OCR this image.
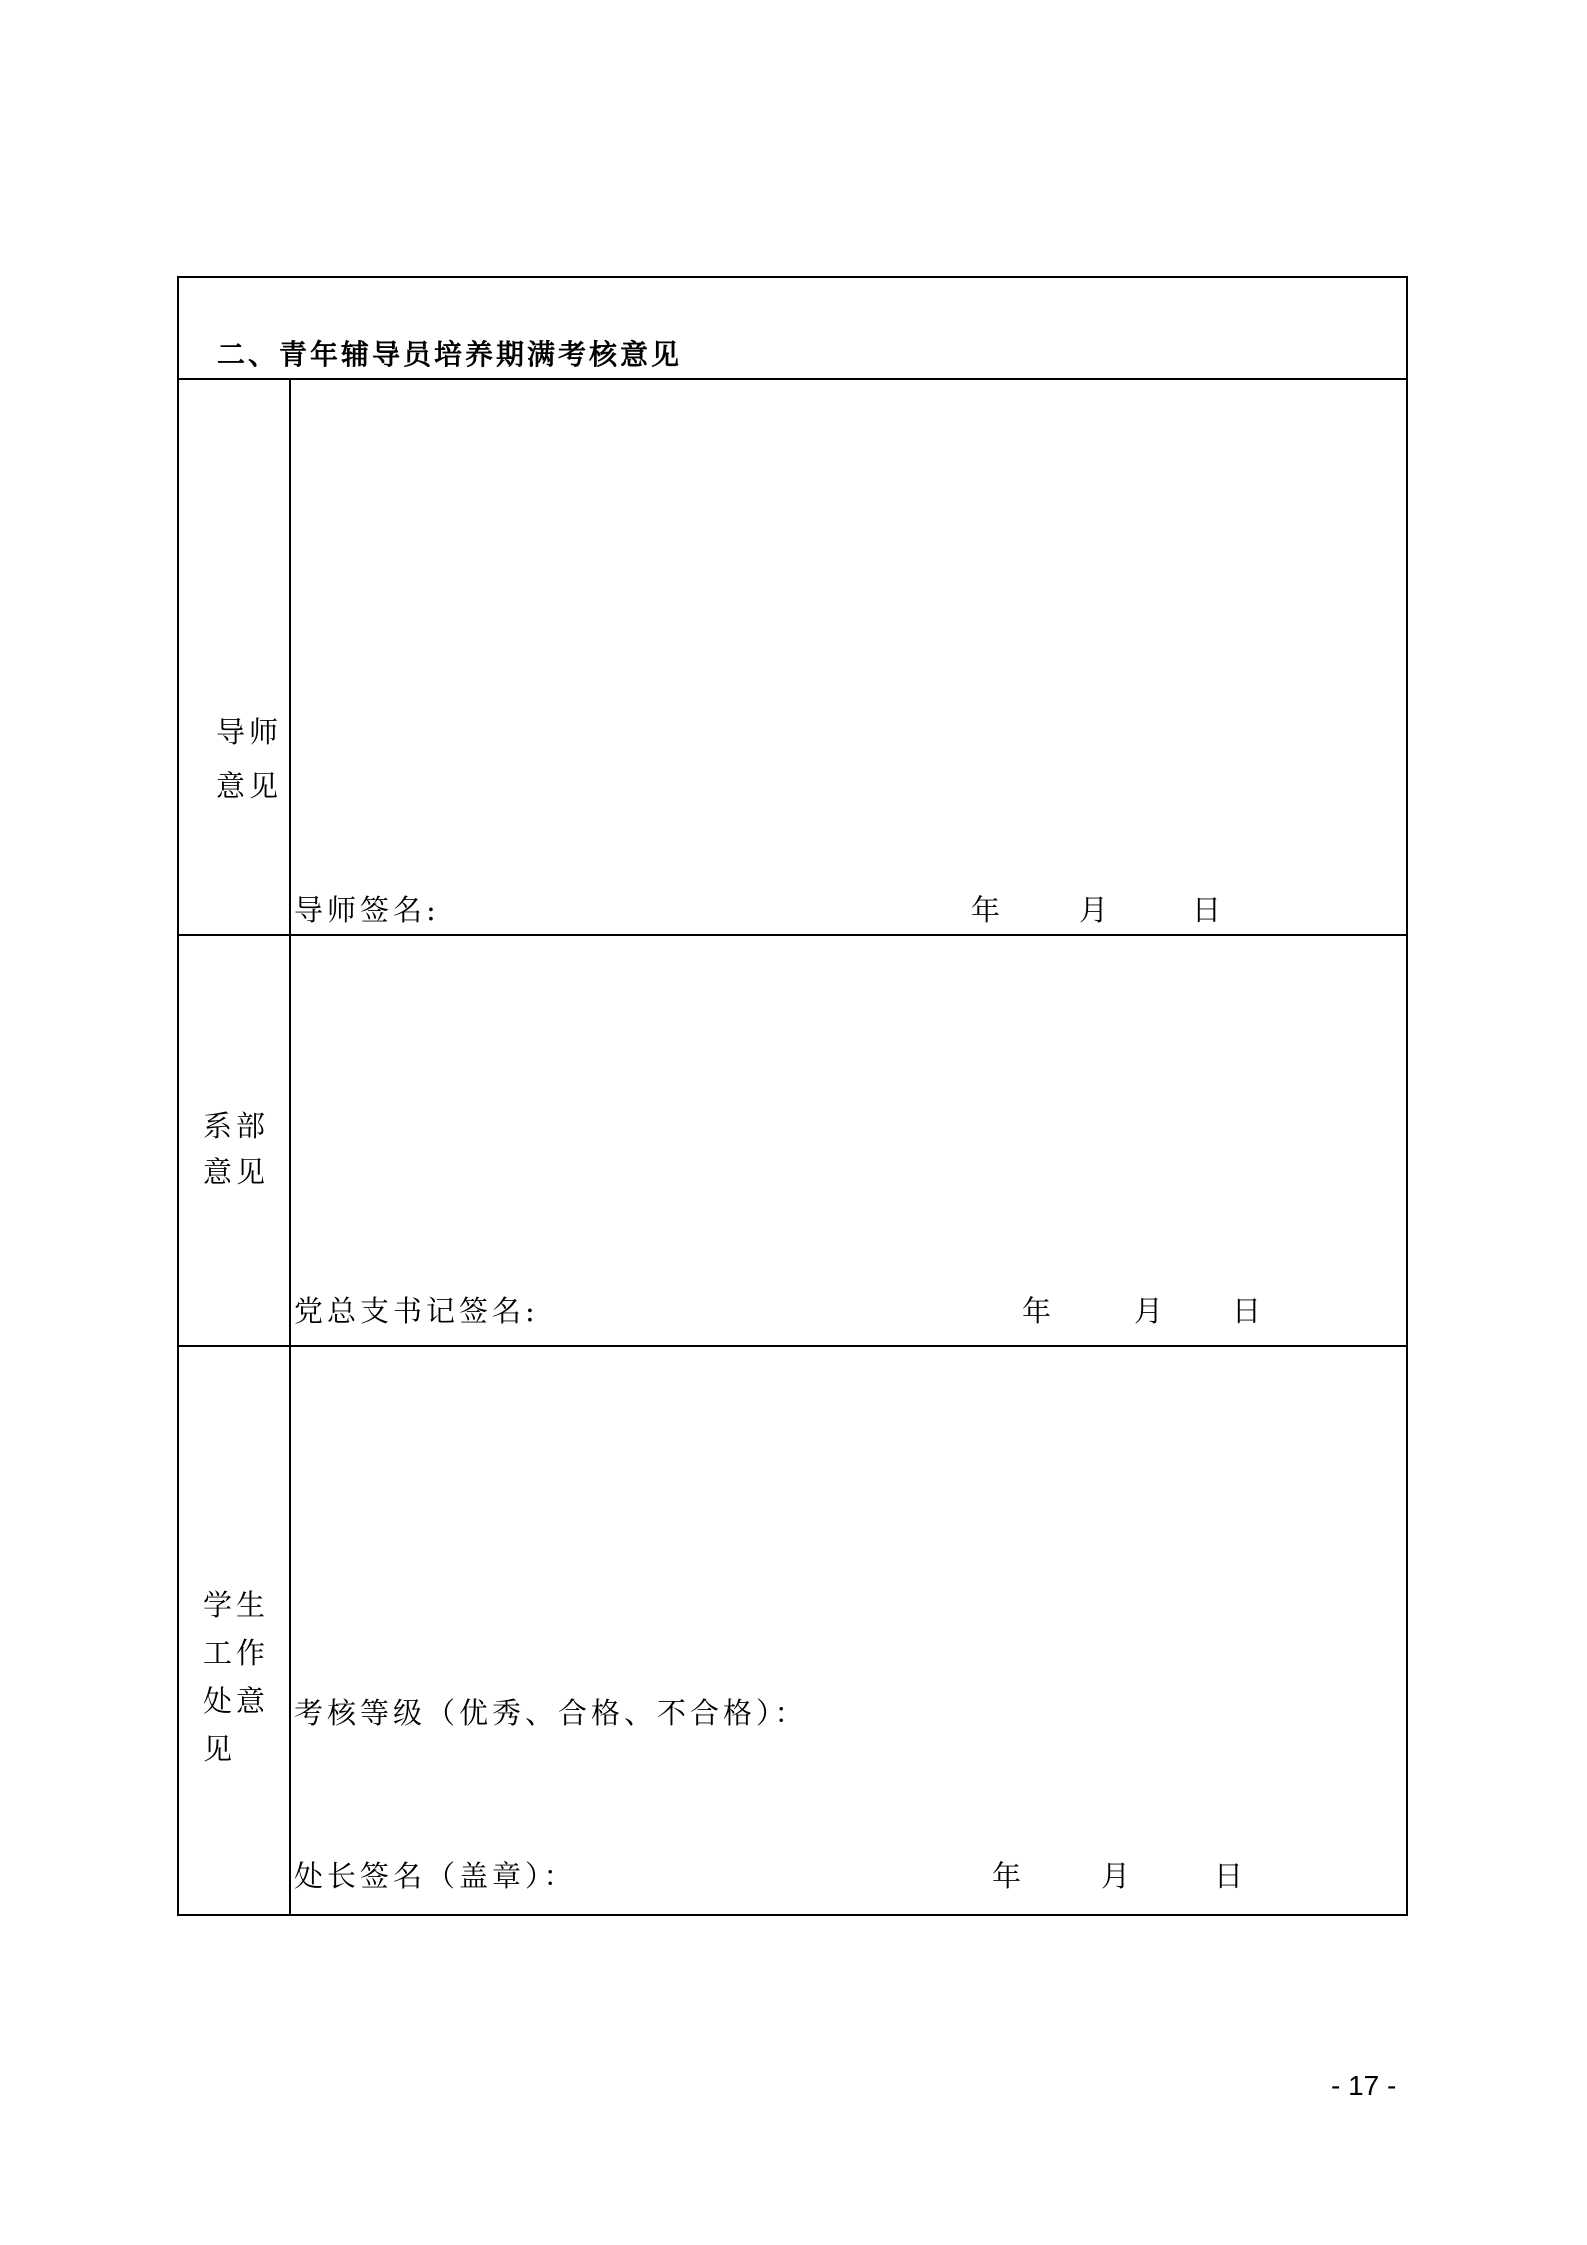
二、青年辅导员培养期满考核意见
导师
意见
导师签名:	年	月	日
系部
意见
党总支书记签名:	年	月 日
学生
工作
处意
见
考核等级（优秀、合格、不合格）：
处长签名（盖章）：	年	月	日
- 17 -
